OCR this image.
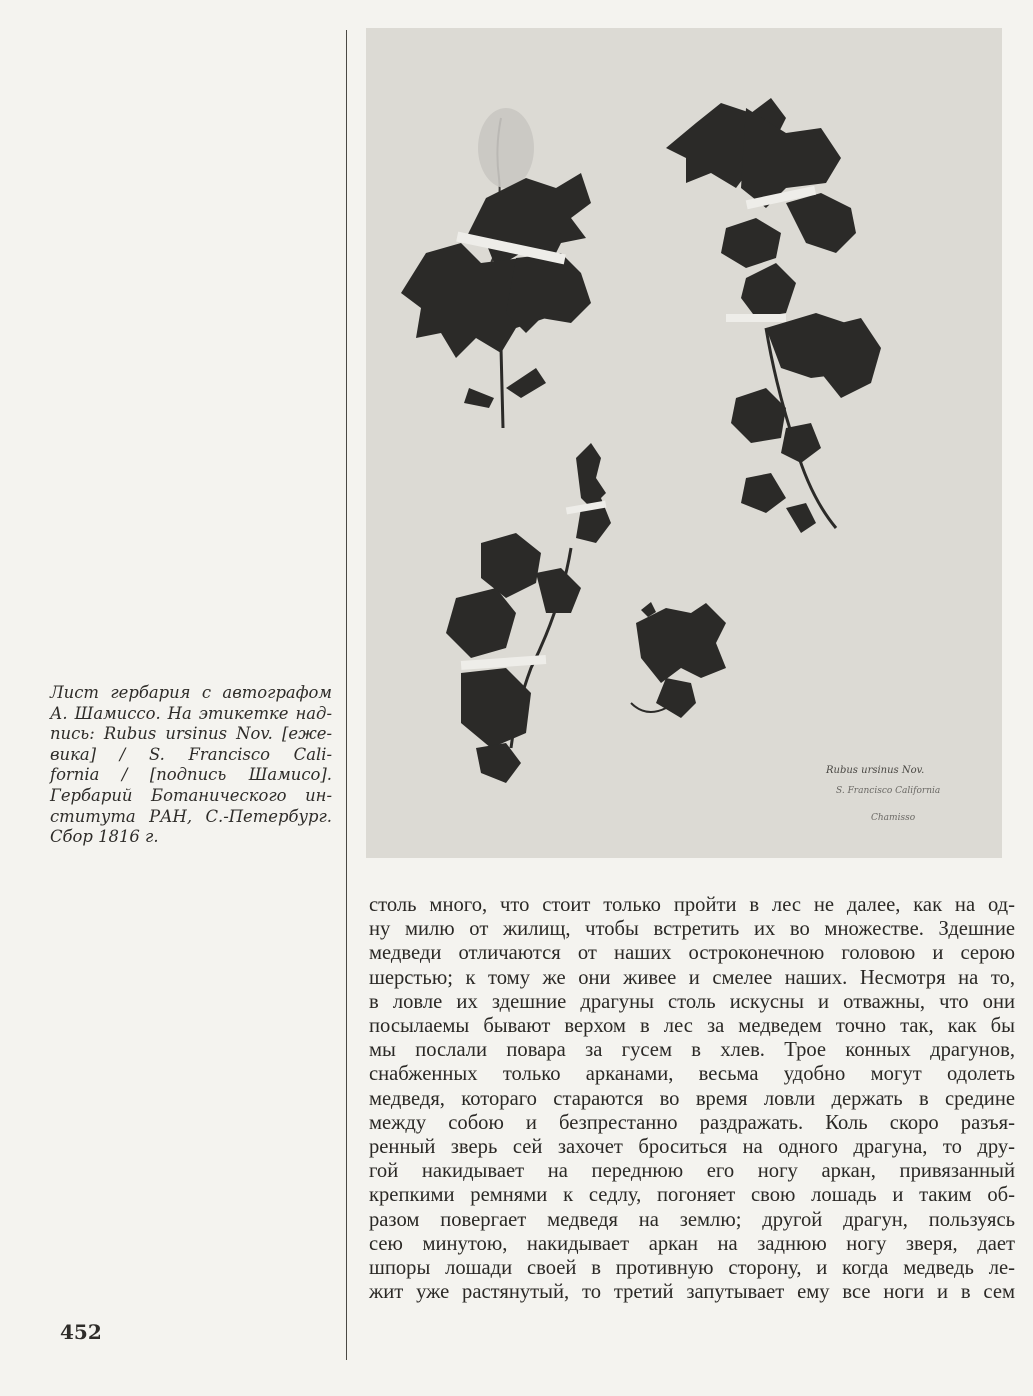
Rubus ursinus Nov.
S. Francisco California
Chamisso
Лист гербария с автографом
А. Шамиссо. На этикетке над-
пись: Rubus ursinus Nov. [еже-
вика] / S. Francisco Cali-
fornia / [подпись Шамисо].
Гербарий Ботанического ин-
ститута РАН, С.-Петербург.
Сбор 1816 г.
столь много, что стоит только пройти в лес не далее, как на од-
ну милю от жилищ, чтобы встретить их во множестве. Здешние
медведи отличаются от наших остроконечною головою и серою
шерстью; к тому же они живее и смелее наших. Несмотря на то,
в ловле их здешние драгуны столь искусны и отважны, что они
посылаемы бывают верхом в лес за медведем точно так, как бы
мы послали повара за гусем в хлев. Трое конных драгунов,
снабженных только арканами, весьма удобно могут одолеть
медведя, котораго стараются во время ловли держать в средине
между собою и безпрестанно раздражать. Коль скоро разъя-
ренный зверь сей захочет броситься на одного драгуна, то дру-
гой накидывает на переднюю его ногу аркан, привязанный
крепкими ремнями к седлу, погоняет свою лошадь и таким об-
разом повергает медведя на землю; другой драгун, пользуясь
сею минутою, накидывает аркан на заднюю ногу зверя, дает
шпоры лошади своей в противную сторону, и когда медведь ле-
жит уже растянутый, то третий запутывает ему все ноги и в сем
452
